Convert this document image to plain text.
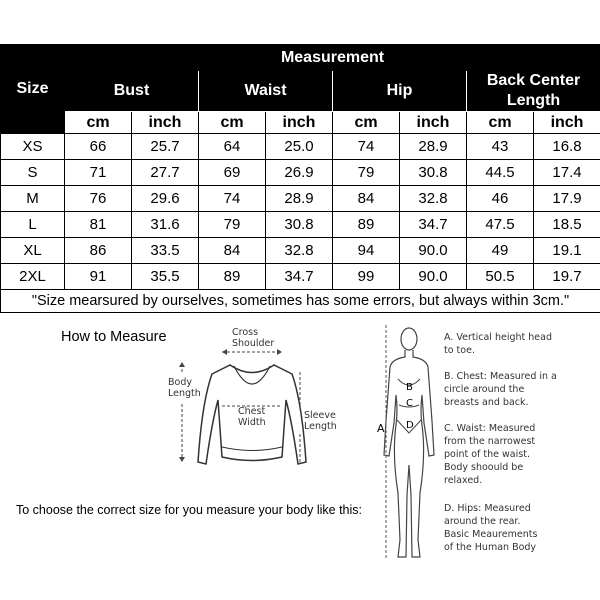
Size	Measurement							
	Bust		Waist		Hip		Back Center Length	
	cm	inch	cm	inch	cm	inch	cm	inch
XS	66	25.7	64	25.0	74	28.9	43	16.8
S	71	27.7	69	26.9	79	30.8	44.5	17.4
M	76	29.6	74	28.9	84	32.8	46	17.9
L	81	31.6	79	30.8	89	34.7	47.5	18.5
XL	86	33.5	84	32.8	94	90.0	49	19.1
2XL	91	35.5	89	34.7	99	90.0	50.5	19.7
"Size mearsured by ourselves, sometimes has some errors, but always within 3cm."								
How to Measure	Cross
Shoulder
Body
Length
Chest
Width
Sleeve
Length
To choose the correct size for you measure your body like this:
A
B
C
D
A. Vertical height head
to toe.
B. Chest: Measured in a
circle around the
breasts and back.
C. Waist: Measured
from the narrowest
point of the waist.
Body shoould be
relaxed.
D. Hips: Measured
around the rear.
Basic Meaurements
of the Human Body
